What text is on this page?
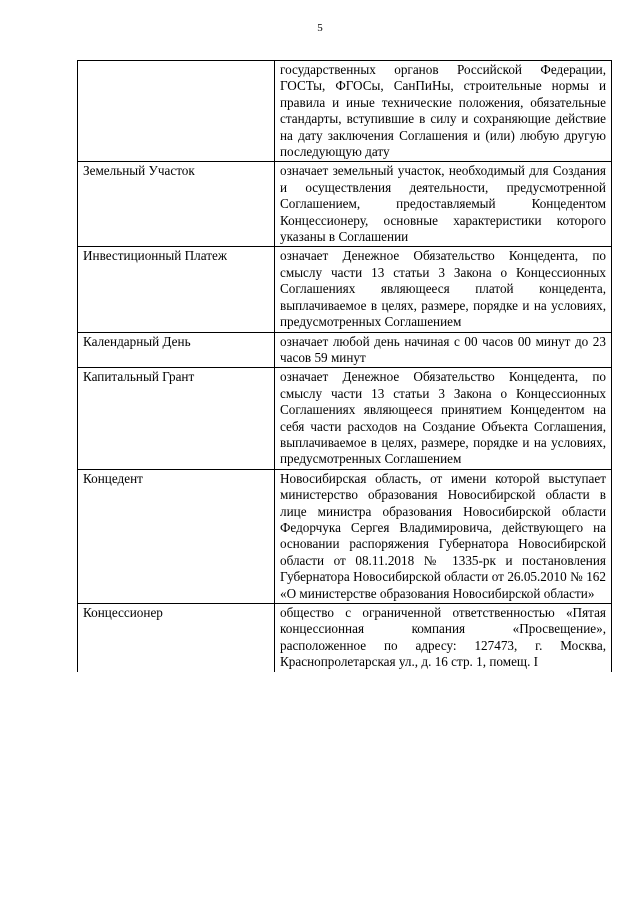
5

	государственных органов Российской Федерации, ГОСТы, ФГОСы, СанПиНы, строительные нормы и правила и иные технические положения, обязательные стандарты, вступившие в силу и сохраняющие действие на дату заключения Соглашения и (или) любую другую последующую дату

Земельный Участок	означает земельный участок, необходимый для Создания и осуществления деятельности, предусмотренной Соглашением, предоставляемый Концедентом Концессионеру, основные характеристики которого указаны в Соглашении

Инвестиционный Платеж	означает Денежное Обязательство Концедента, по смыслу части 13 статьи 3 Закона о Концессионных Соглашениях являющееся платой концедента, выплачиваемое в целях, размере, порядке и на условиях, предусмотренных Соглашением

Календарный День	означает любой день начиная с 00 часов 00 минут до 23 часов 59 минут

Капитальный Грант	означает Денежное Обязательство Концедента, по смыслу части 13 статьи 3 Закона о Концессионных Соглашениях являющееся принятием Концедентом на себя части расходов на Создание Объекта Соглашения, выплачиваемое в целях, размере, порядке и на условиях, предусмотренных Соглашением

Концедент	Новосибирская область, от имени которой выступает министерство образования Новосибирской области в лице министра образования Новосибирской области Федорчука Сергея Владимировича, действующего на основании распоряжения Губернатора Новосибирской области от 08.11.2018 № 1335-рк и постановления Губернатора Новосибирской области от 26.05.2010 № 162 «О министерстве образования Новосибирской области»

Концессионер	общество с ограниченной ответственностью «Пятая концессионная компания «Просвещение», расположенное по адресу: 127473, г. Москва, Краснопролетарская ул., д. 16 стр. 1, помещ. I
